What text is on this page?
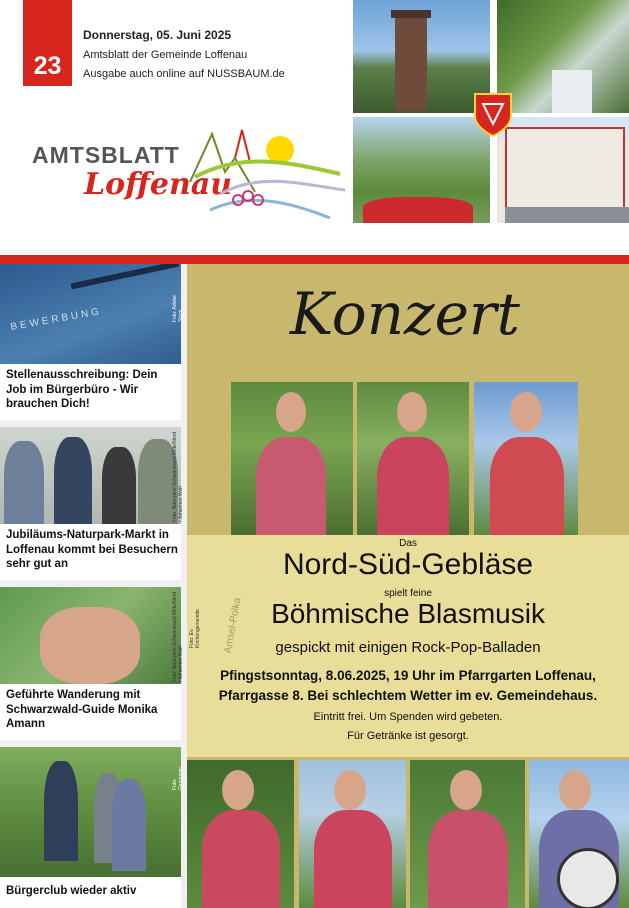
23
Donnerstag, 05. Juni 2025
Amtsblatt der Gemeinde Loffenau
Ausgabe auch online auf NUSSBAUM.de
AMTSBLATT
Loffenau
BEWERBUNG	Foto: Adobe Stock
Stellenausschreibung: Dein Job im Bürgerbüro - Wir brauchen Dich!
Foto: Naturpark Schwarzwald Mitte/Nord / Johannes Wolf
Jubiläums-Naturpark-Markt in Loffenau kommt bei Besuchern sehr gut an
Foto: Naturpark Schwarzwald Mitte/Nord / Johannes Wolf
Geführte Wanderung mit Schwarzwald-Guide Monika Amann
Foto: Gemeinde
Bürgerclub wieder aktiv
Konzert
Foto: Ev. Kirchengemeinde Amsel-Polka
Das
Nord-Süd-Gebläse
spielt feine
Böhmische Blasmusik
gespickt mit einigen Rock-Pop-Balladen
Pfingstsonntag, 8.06.2025, 19 Uhr im Pfarrgarten Loffenau,
Pfarrgasse 8. Bei schlechtem Wetter im ev. Gemeindehaus.
Eintritt frei. Um Spenden wird gebeten.
Für Getränke ist gesorgt.
